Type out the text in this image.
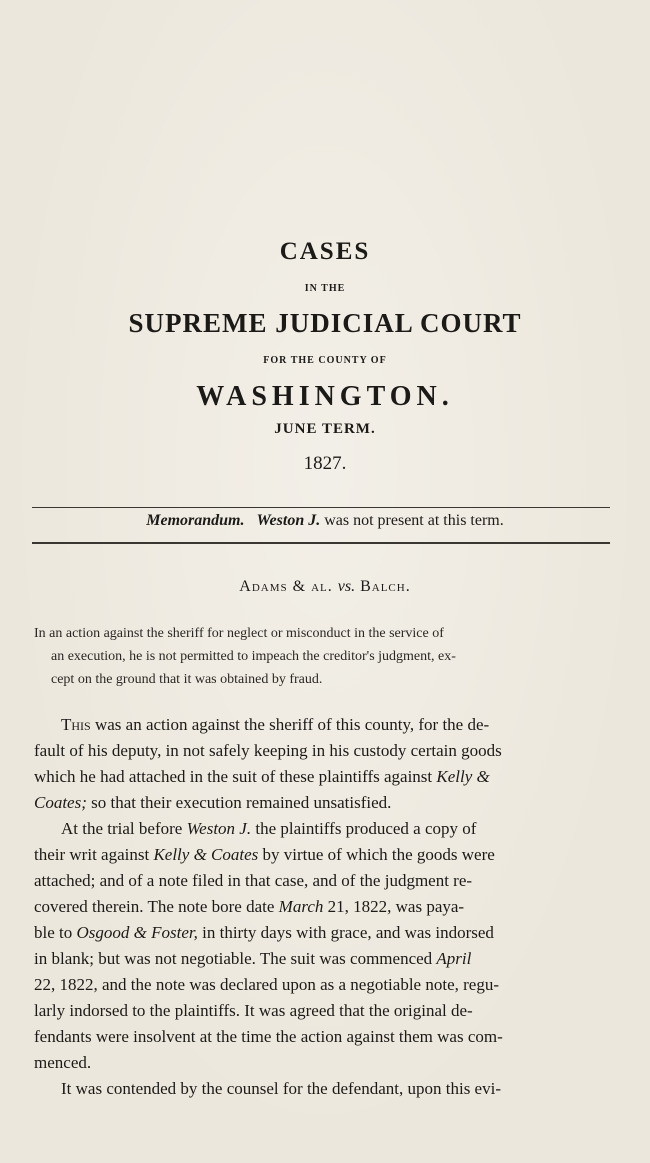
CASES
IN THE
SUPREME JUDICIAL COURT
FOR THE COUNTY OF
WASHINGTON.
JUNE TERM.
1827.
Memorandum. Weston J. was not present at this term.
Adams & al. vs. Balch.
In an action against the sheriff for neglect or misconduct in the service of
an execution, he is not permitted to impeach the creditor's judgment, ex-
cept on the ground that it was obtained by fraud.
This was an action against the sheriff of this county, for the de-
fault of his deputy, in not safely keeping in his custody certain goods
which he had attached in the suit of these plaintiffs against Kelly &
Coates; so that their execution remained unsatisfied.
At the trial before Weston J. the plaintiffs produced a copy of
their writ against Kelly & Coates by virtue of which the goods were
attached; and of a note filed in that case, and of the judgment re-
covered therein. The note bore date March 21, 1822, was paya-
ble to Osgood & Foster, in thirty days with grace, and was indorsed
in blank; but was not negotiable. The suit was commenced April
22, 1822, and the note was declared upon as a negotiable note, regu-
larly indorsed to the plaintiffs. It was agreed that the original de-
fendants were insolvent at the time the action against them was com-
menced.
It was contended by the counsel for the defendant, upon this evi-
